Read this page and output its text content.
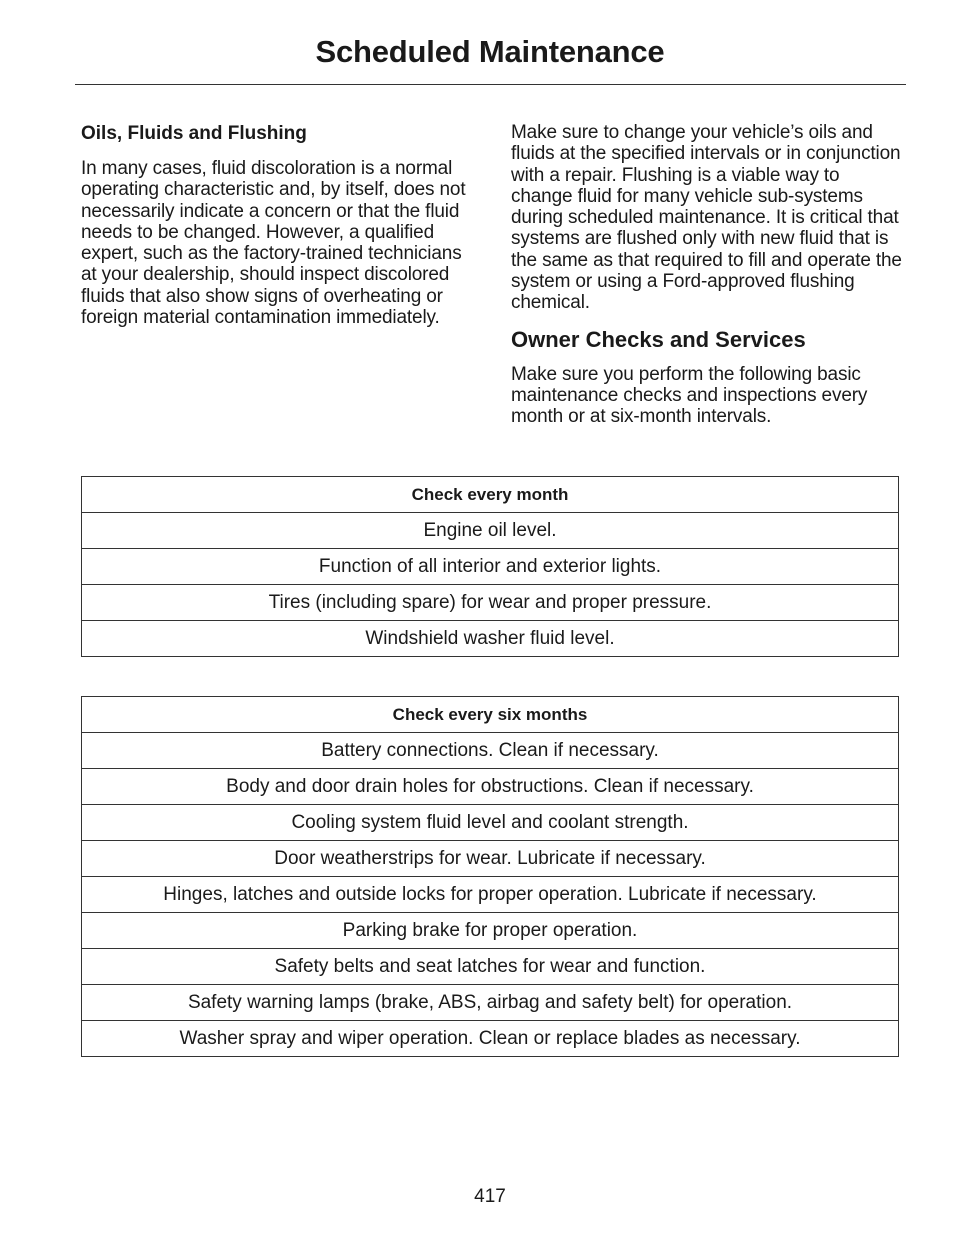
Scheduled Maintenance
Oils, Fluids and Flushing

In many cases, fluid discoloration is a normal operating characteristic and, by itself, does not necessarily indicate a concern or that the fluid needs to be changed. However, a qualified expert, such as the factory-trained technicians at your dealership, should inspect discolored fluids that also show signs of overheating or foreign material contamination immediately.

Make sure to change your vehicle’s oils and fluids at the specified intervals or in conjunction with a repair. Flushing is a viable way to change fluid for many vehicle sub-systems during scheduled maintenance. It is critical that systems are flushed only with new fluid that is the same as that required to fill and operate the system or using a Ford-approved flushing chemical.

Owner Checks and Services

Make sure you perform the following basic maintenance checks and inspections every month or at six-month intervals.

Check every month
Engine oil level.
Function of all interior and exterior lights.
Tires (including spare) for wear and proper pressure.
Windshield washer fluid level.
Check every six months
Battery connections. Clean if necessary.
Body and door drain holes for obstructions. Clean if necessary.
Cooling system fluid level and coolant strength.
Door weatherstrips for wear. Lubricate if necessary.
Hinges, latches and outside locks for proper operation. Lubricate if necessary.
Parking brake for proper operation.
Safety belts and seat latches for wear and function.
Safety warning lamps (brake, ABS, airbag and safety belt) for operation.
Washer spray and wiper operation. Clean or replace blades as necessary.
417
